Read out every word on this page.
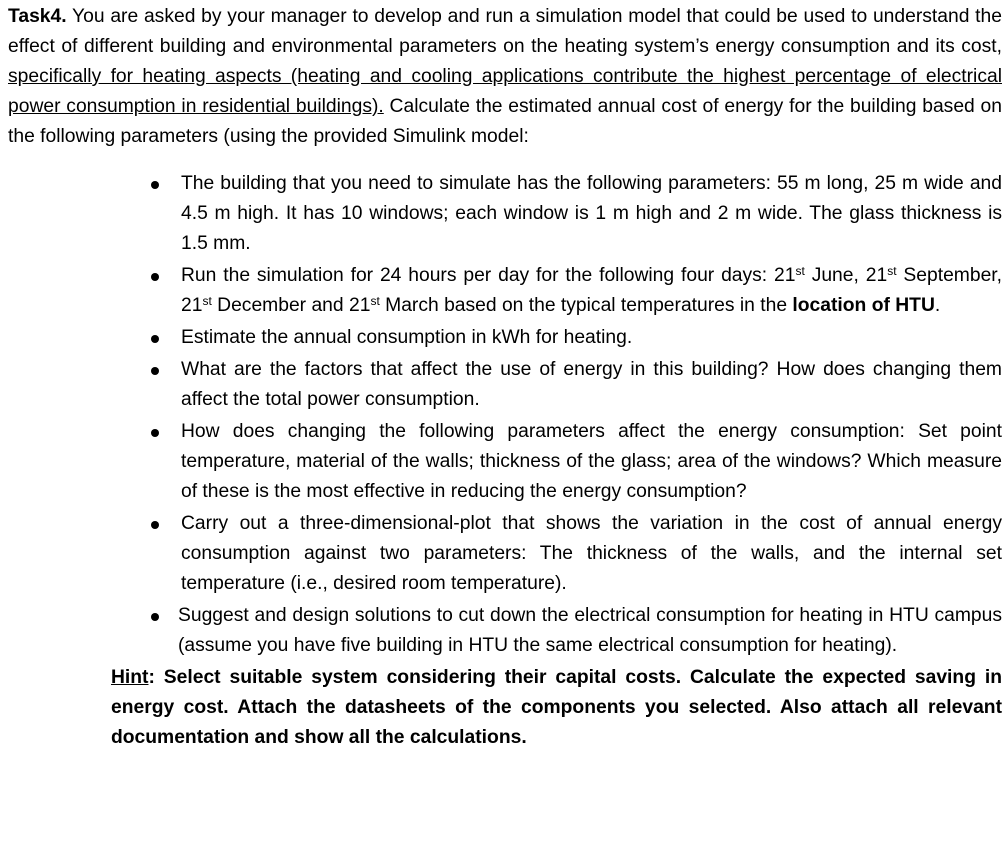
Task4. You are asked by your manager to develop and run a simulation model that could be used to understand the effect of different building and environmental parameters on the heating system’s energy consumption and its cost, specifically for heating aspects (heating and cooling applications contribute the highest percentage of electrical power consumption in residential buildings). Calculate the estimated annual cost of energy for the building based on the following parameters (using the provided Simulink model:

The building that you need to simulate has the following parameters: 55 m long, 25 m wide and 4.5 m high. It has 10 windows; each window is 1 m high and 2 m wide. The glass thickness is 1.5 mm.
Run the simulation for 24 hours per day for the following four days: 21st June, 21st September, 21st December and 21st March based on the typical temperatures in the location of HTU.
Estimate the annual consumption in kWh for heating.
What are the factors that affect the use of energy in this building? How does changing them affect the total power consumption.
How does changing the following parameters affect the energy consumption: Set point temperature, material of the walls; thickness of the glass; area of the windows? Which measure of these is the most effective in reducing the energy consumption?
Carry out a three-dimensional-plot that shows the variation in the cost of annual energy consumption against two parameters: The thickness of the walls, and the internal set temperature (i.e., desired room temperature).
Suggest and design solutions to cut down the electrical consumption for heating in HTU campus (assume you have five building in HTU the same electrical consumption for heating).

Hint: Select suitable system considering their capital costs. Calculate the expected saving in energy cost. Attach the datasheets of the components you selected. Also attach all relevant documentation and show all the calculations.
